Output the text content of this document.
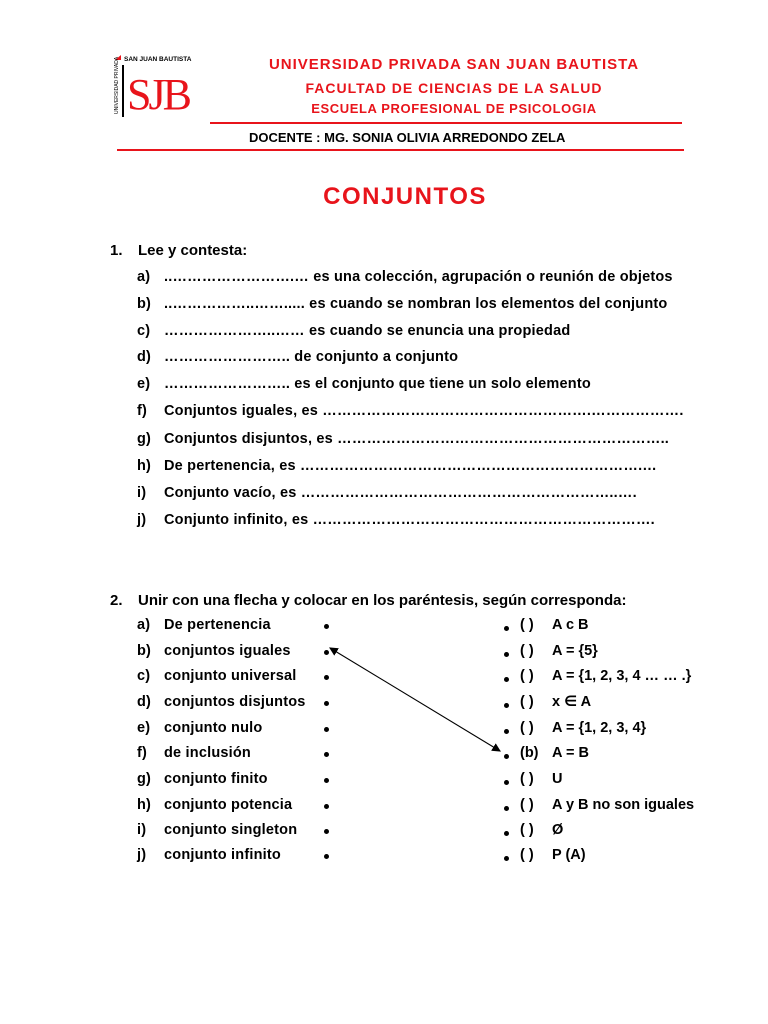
SAN JUAN BAUTISTA
UNIVERSIDAD PRIVADA SJB
UNIVERSIDAD PRIVADA SAN JUAN BAUTISTA
FACULTAD DE CIENCIAS DE LA SALUD
ESCUELA PROFESIONAL DE PSICOLOGIA
DOCENTE : MG. SONIA OLIVIA ARREDONDO ZELA
CONJUNTOS
1. Lee y contesta:
a) ..…………………….… es una colección, agrupación o reunión de objetos
b) ..……………..……..... es cuando se nombran los elementos del conjunto
c) …………………..…… es cuando se enuncia una propiedad
d) …………………….. de conjunto a conjunto
e) …………………….. es el conjunto que tiene un solo elemento
f) Conjuntos iguales, es ……………………………………………….……………….
g) Conjuntos disjuntos, es …………………………………………………………..
h) De pertenencia, es …………………………………………………………….…
i) Conjunto vacío, es ………………………………………………………..….
j) Conjunto infinito, es …………………………………………………………….
2. Unir con una flecha y colocar en los paréntesis, según corresponda:
a) De pertenencia
b) conjuntos iguales
c) conjunto universal
d) conjuntos disjuntos
e) conjunto nulo
f) de inclusión
g) conjunto finito
h) conjunto potencia
i) conjunto singleton
j) conjunto infinito
( ) A c B
( ) A = {5}
( ) A = {1, 2, 3, 4 … … .}
( ) x ∈ A
( ) A = {1, 2, 3, 4}
(b) A = B
( ) U
( ) A y B no son iguales
( ) Ø
( ) P (A)
